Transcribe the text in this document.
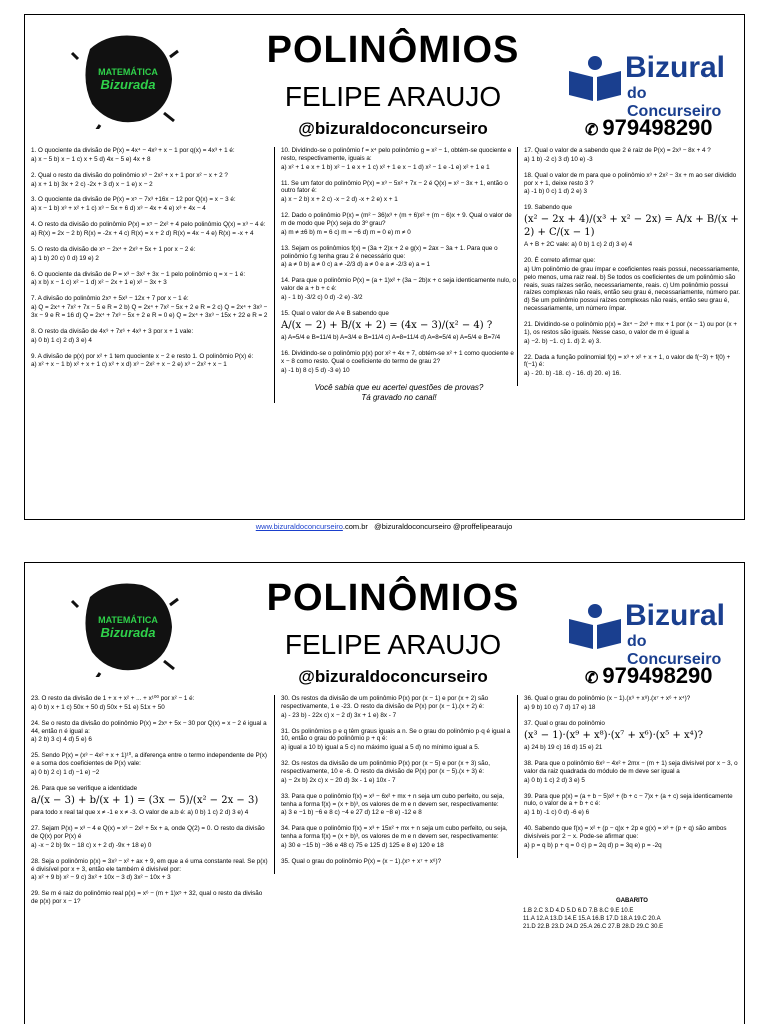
MATEMÁTICA
Bizurada
POLINÔMIOS
FELIPE ARAUJO
@bizuraldoconcurseiro
Bizural
do Concurseiro
✆ 979498290
1. O quociente da divisão de P(x) = 4x⁴ − 4x³ + x − 1 por q(x) = 4x³ + 1 é:
a) x − 5 b) x − 1 c) x + 5 d) 4x − 5 e) 4x + 8
2. Qual o resto da divisão do polinômio x³ − 2x² + x + 1 por x² − x + 2 ?
a) x + 1 b) 3x + 2 c) -2x + 3 d) x − 1 e) x − 2
3. O quociente da divisão de P(x) = x⁵ − 7x³ +16x − 12 por Q(x) = x − 3 é:
a) x − 1 b) x³ + x² + 1 c) x³ − 5x + 6 d) x³ − 4x + 4 e) x³ + 4x − 4
4. O resto da divisão do polinômio P(x) = x⁵ − 2x² + 4 pelo polinômio Q(x) = x³ − 4 é:
a) R(x) = 2x − 2 b) R(x) = -2x + 4 c) R(x) = x + 2 d) R(x) = 4x − 4 e) R(x) = -x + 4
5. O resto da divisão de x⁵ − 2x⁴ + 2x³ + 5x + 1 por x − 2 é:
a) 1 b) 20 c) 0 d) 19 e) 2
6. O quociente da divisão de P = x³ − 3x² + 3x − 1 pelo polinômio q = x − 1 é:
a) x b) x − 1 c) x² − 1 d) x² − 2x + 1 e) x² − 3x + 3
7. A divisão do polinômio 2x⁵ + 5x³ − 12x + 7 por x − 1 é:
a) Q = 2x⁴ + 7x² + 7x − 5 e R = 2 b) Q = 2x⁴ + 7x² − 5x + 2 e R = 2 c) Q = 2x⁴ + 3x³ − 3x − 9 e R = 16 d) Q = 2x⁴ + 7x³ − 5x + 2 e R = 0 e) Q = 2x⁴ + 3x³ − 15x + 22 e R = 2
8. O resto da divisão de 4x⁹ + 7x⁶ + 4x³ + 3 por x + 1 vale:
a) 0 b) 1 c) 2 d) 3 e) 4
9. A divisão de p(x) por x² + 1 tem quociente x − 2 e resto 1. O polinômio P(x) é:
a) x² + x − 1 b) x² + x + 1 c) x² + x d) x³ − 2x² + x − 2 e) x³ − 2x² + x − 1
10. Dividindo-se o polinômio f = x⁴ pelo polinômio g = x² − 1, obtém-se quociente e resto, respectivamente, iguais a:
a) x² + 1 e x + 1 b) x² − 1 e x + 1 c) x² + 1 e x − 1 d) x² − 1 e -1 e) x² + 1 e 1
11. Se um fator do polinômio P(x) = x³ − 5x² + 7x − 2 é Q(x) = x² − 3x + 1, então o outro fator é:
a) x − 2 b) x + 2 c) -x − 2 d) -x + 2 e) x + 1
12. Dado o polinômio P(x) = (m² − 36)x³ + (m + 6)x² + (m − 6)x + 9. Qual o valor de m de modo que P(x) seja do 3º grau?
a) m ≠ ±6 b) m = 6 c) m = −6 d) m = 0 e) m ≠ 0
13. Sejam os polinômios f(x) = (3a + 2)x + 2 e g(x) = 2ax − 3a + 1. Para que o polinômio f.g tenha grau 2 é necessário que:
a) a ≠ 0 b) a ≠ 0 c) a ≠ -2/3 d) a ≠ 0 e a ≠ -2/3 e) a = 1
14. Para que o polinômio P(x) = (a + 1)x² + (3a − 2b)x + c seja identicamente nulo, o valor de a + b + c é:
a) - 1 b) -3/2 c) 0 d) -2 e) -3/2
15. Qual o valor de A e B sabendo que
A/(x − 2) + B/(x + 2) = (4x − 3)/(x² − 4) ?
a) A=5/4 e B=11/4 b) A=3/4 e B=11/4 c) A=8=11/4 d) A=8=5/4 e) A=5/4 e B=7/4
16. Dividindo-se o polinômio p(x) por x² + 4x + 7, obtém-se x² + 1 como quociente e x − 8 como resto. Qual o coeficiente do termo de grau 2?
a) -1 b) 8 c) 5 d) -3 e) 10
Você sabia que eu acertei questões de provas?
Tá gravado no canal!
17. Qual o valor de a sabendo que 2 é raiz de P(x) = 2x³ − 8x + 4 ?
a) 1 b) -2 c) 3 d) 10 e) -3
18. Qual o valor de m para que o polinômio x³ + 2x² − 3x + m ao ser dividido por x + 1, deixe resto 3 ?
a) -1 b) 0 c) 1 d) 2 e) 3
19. Sabendo que
(x² − 2x + 4)/(x³ + x² − 2x) = A/x + B/(x + 2) + C/(x − 1)
A + B + 2C vale: a) 0 b) 1 c) 2 d) 3 e) 4
20. É correto afirmar que:
a) Um polinômio de grau ímpar e coeficientes reais possui, necessariamente, pelo menos, uma raiz real. b) Se todos os coeficientes de um polinômio são reais, suas raízes serão, necessariamente, reais. c) Um polinômio possui raízes complexas não reais, então seu grau é, necessariamente, número par. d) Se um polinômio possui raízes complexas não reais, então seu grau é, necessariamente, um número ímpar.
21. Dividindo-se o polinômio p(x) = 3x⁴ − 2x³ + mx + 1 por (x − 1) ou por (x + 1), os restos são iguais. Nesse caso, o valor de m é igual a
a) −2. b) −1. c) 1. d) 2. e) 3.
22. Dada a função polinomial f(x) = x³ + x² + x + 1, o valor de f(−3) + f(0) + f(−1) é:
a) - 20. b) -18. c) - 16. d) 20. e) 16.
www.bizuraldoconcurseiro.com.br @bizuraldoconcurseiro @proffelipearaujo
MATEMÁTICA
Bizurada
POLINÔMIOS
FELIPE ARAUJO
@bizuraldoconcurseiro
Bizural
do Concurseiro
✆ 979498290
23. O resto da divisão de 1 + x + x² + ... + x¹⁰⁰ por x² − 1 é:
a) 0 b) x + 1 c) 50x + 50 d) 50x + 51 e) 51x + 50
24. Se o resto da divisão do polinômio P(x) = 2xⁿ + 5x − 30 por Q(x) = x − 2 é igual a 44, então n é igual a:
a) 2 b) 3 c) 4 d) 5 e) 6
25. Sendo P(x) = (x³ − 4x² + x + 1)¹⁰, a diferença entre o termo independente de P(x) e a soma dos coeficientes de P(x) vale:
a) 0 b) 2 c) 1 d) −1 e) −2
26. Para que se verifique a identidade
a/(x − 3) + b/(x + 1) = (3x − 5)/(x² − 2x − 3)
para todo x real tal que x ≠ -1 e x ≠ -3. O valor de a.b é: a) 0 b) 1 c) 2 d) 3 e) 4
27. Sejam P(x) = x³ − 4 e Q(x) = x³ − 2x² + 5x + a, onde Q(2) = 0. O resto da divisão de Q(x) por P(x) é
a) -x − 2 b) 9x − 18 c) x + 2 d) -9x + 18 e) 0
28. Seja o polinômio p(x) = 3x³ − x² + ax + 9, em que a é uma constante real. Se p(x) é divisível por x + 3, então ele também é divisível por:
a) x² + 9 b) x² − 9 c) 3x² + 10x − 3 d) 3x² − 10x + 3
29. Se m é raiz do polinômio real p(x) = x⁶ − (m + 1)x⁵ + 32, qual o resto da divisão de p(x) por x − 1?
30. Os restos da divisão de um polinômio P(x) por (x − 1) e por (x + 2) são respectivamente, 1 e -23. O resto da divisão de P(x) por (x − 1).(x + 2) é:
a) - 23 b) - 22x c) x − 2 d) 3x + 1 e) 8x - 7
31. Os polinômios p e q têm graus iguais a n. Se o grau do polinômio p·q é igual a 10, então o grau do polinômio p + q é:
a) igual a 10 b) igual a 5 c) no máximo igual a 5 d) no mínimo igual a 5.
32. Os restos da divisão de um polinômio P(x) por (x − 5) e por (x + 3) são, respectivamente, 10 e -6. O resto da divisão de P(x) por (x − 5).(x + 3) é:
a) − 2x b) 2x c) x − 20 d) 3x - 1 e) 10x - 7
33. Para que o polinômio f(x) = x³ − 6x² + mx + n seja um cubo perfeito, ou seja, tenha a forma f(x) = (x + b)³, os valores de m e n devem ser, respectivamente:
a) 3 e −1 b) −6 e 8 c) −4 e 27 d) 12 e −8 e) -12 e 8
34. Para que o polinômio f(x) = x³ + 15x² + mx + n seja um cubo perfeito, ou seja, tenha a forma f(x) = (x + b)³, os valores de m e n devem ser, respectivamente:
a) 30 e −15 b) −36 e 48 c) 75 e 125 d) 125 e 8 e) 120 e 18
35. Qual o grau do polinômio P(x) = (x − 1).(x⁵ + x⁷ + x⁶)?
36. Qual o grau do polinômio (x − 1).(x⁹ + x⁸).(x⁷ + x⁶ + x⁴)?
a) 9 b) 10 c) 7 d) 17 e) 18
37. Qual o grau do polinômio
(x³ − 1)·(x⁹ + x⁸)·(x⁷ + x⁶)·(x⁵ + x⁴)?
a) 24 b) 19 c) 16 d) 15 e) 21
38. Para que o polinômio 6x³ − 4x² + 2mx − (m + 1) seja divisível por x − 3, o valor da raiz quadrada do módulo de m deve ser igual a
a) 0 b) 1 c) 2 d) 3 e) 5
39. Para que p(x) = (a + b − 5)x² + (b + c − 7)x + (a + c) seja identicamente nulo, o valor de a + b + c é:
a) 1 b) -1 c) 0 d) -6 e) 6
40. Sabendo que f(x) = x² + (p − q)x + 2p e g(x) = x³ + (p + q) são ambos divisíveis por 2 − x. Pode-se afirmar que:
a) p = q b) p + q = 0 c) p = 2q d) p = 3q e) p = -2q
GABARITO
1.B 2.C 3.D 4.D 5.D 6.D 7.B 8.C 9.E 10.E
11.A 12.A 13.D 14.E 15.A 16.B 17.D 18.A 19.C 20.A
21.D 22.B 23.D 24.D 25.A 26.C 27.B 28.D 29.C 30.E
